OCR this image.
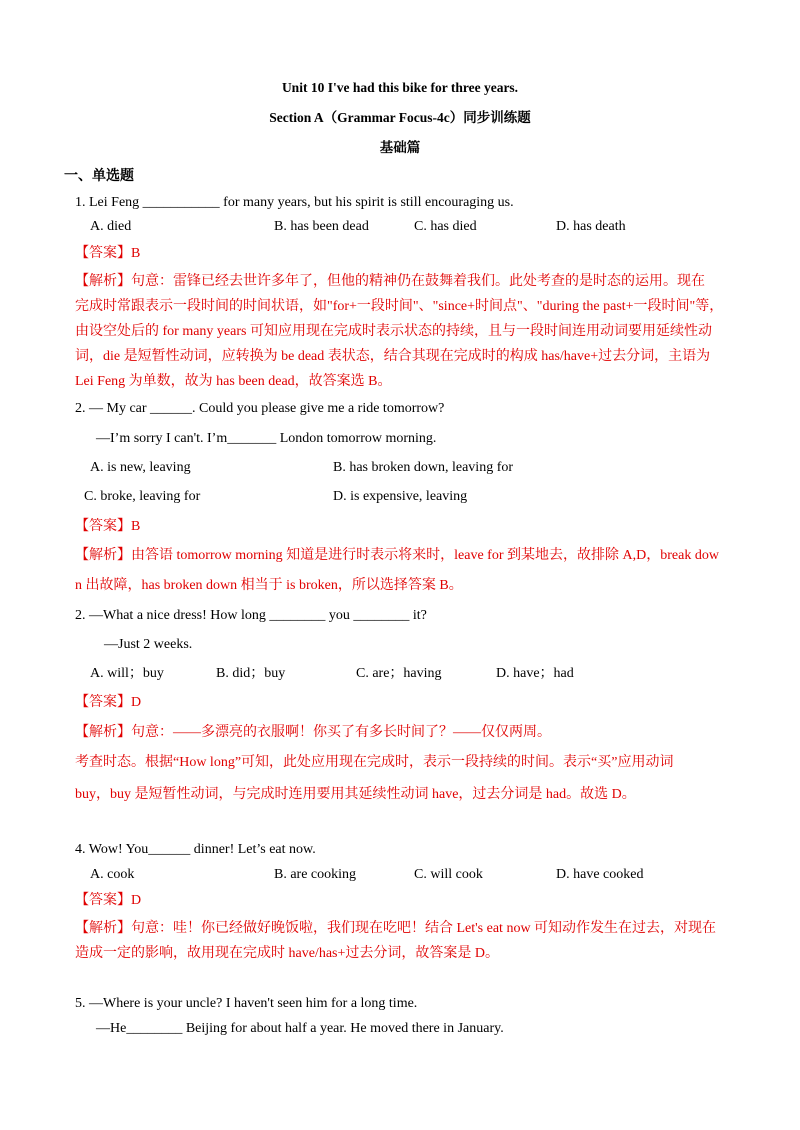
Unit 10 I've had this bike for three years.
Section A（Grammar Focus-4c）同步训练题
基础篇
一、单选题
1. Lei Feng ___________ for many years, but his spirit is still encouraging us.
A. died	B. has been dead	C. has died	D. has death
【答案】B
【解析】句意：雷锋已经去世许多年了，但他的精神仍在鼓舞着我们。此处考查的是时态的运用。现在
完成时常跟表示一段时间的时间状语，如"for+一段时间"、"since+时间点"、"during the past+一段时间"等，
由设空处后的 for many years 可知应用现在完成时表示状态的持续，且与一段时间连用动词要用延续性动
词，die 是短暂性动词，应转换为 be dead 表状态，结合其现在完成时的构成 has/have+过去分词，主语为
Lei Feng 为单数，故为 has been dead，故答案选 B。
2. — My car ______. Could you please give me a ride tomorrow?
—I’m sorry I can't. I’m_______ London tomorrow morning.
A. is new, leaving	B. has broken down, leaving for
C. broke, leaving for	D. is expensive, leaving
【答案】B
【解析】由答语 tomorrow morning 知道是进行时表示将来时，leave for 到某地去，故排除 A,D，break dow
n 出故障，has broken down 相当于 is broken，所以选择答案 B。
2. —What a nice dress! How long ________ you ________ it?
—Just 2 weeks.
A. will；buy	B. did；buy	C. are；having	D. have；had
【答案】D
【解析】句意：——多漂亮的衣服啊！你买了有多长时间了？——仅仅两周。
考查时态。根据“How long”可知，此处应用现在完成时，表示一段持续的时间。表示“买”应用动词
buy，buy 是短暂性动词，与完成时连用要用其延续性动词 have，过去分词是 had。故选 D。
4. Wow! You______ dinner! Let’s eat now.
A. cook	B. are cooking	C. will cook	D. have cooked
【答案】D
【解析】句意：哇！你已经做好晚饭啦，我们现在吃吧！结合 Let's eat now 可知动作发生在过去，对现在
造成一定的影响，故用现在完成时 have/has+过去分词，故答案是 D。
5. —Where is your uncle? I haven't seen him for a long time.
—He________ Beijing for about half a year. He moved there in January.
